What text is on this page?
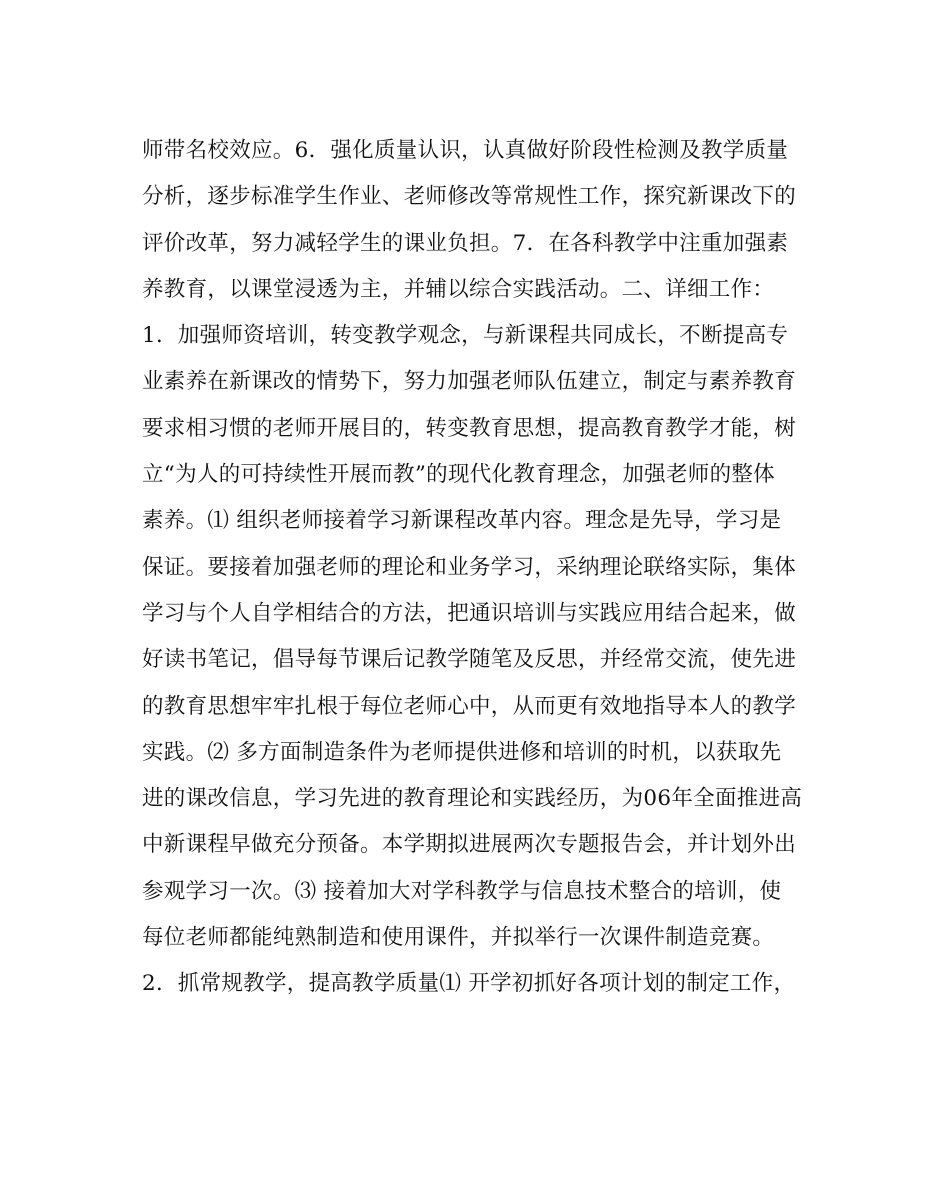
师带名校效应。6．强化质量认识，认真做好阶段性检测及教学质量
分析，逐步标准学生作业、老师修改等常规性工作，探究新课改下的
评价改革，努力减轻学生的课业负担。7．在各科教学中注重加强素
养教育，以课堂浸透为主，并辅以综合实践活动。二、详细工作：
1．加强师资培训，转变教学观念，与新课程共同成长，不断提高专
业素养在新课改的情势下，努力加强老师队伍建立，制定与素养教育
要求相习惯的老师开展目的，转变教育思想，提高教育教学才能，树
立“为人的可持续性开展而教”的现代化教育理念，加强老师的整体
素养。⑴ 组织老师接着学习新课程改革内容。理念是先导，学习是
保证。要接着加强老师的理论和业务学习，采纳理论联络实际，集体
学习与个人自学相结合的方法，把通识培训与实践应用结合起来，做
好读书笔记，倡导每节课后记教学随笔及反思，并经常交流，使先进
的教育思想牢牢扎根于每位老师心中，从而更有效地指导本人的教学
实践。⑵ 多方面制造条件为老师提供进修和培训的时机，以获取先
进的课改信息，学习先进的教育理论和实践经历，为06年全面推进高
中新课程早做充分预备。本学期拟进展两次专题报告会，并计划外出
参观学习一次。⑶ 接着加大对学科教学与信息技术整合的培训，使
每位老师都能纯熟制造和使用课件，并拟举行一次课件制造竞赛。
2．抓常规教学，提高教学质量⑴ 开学初抓好各项计划的制定工作，
